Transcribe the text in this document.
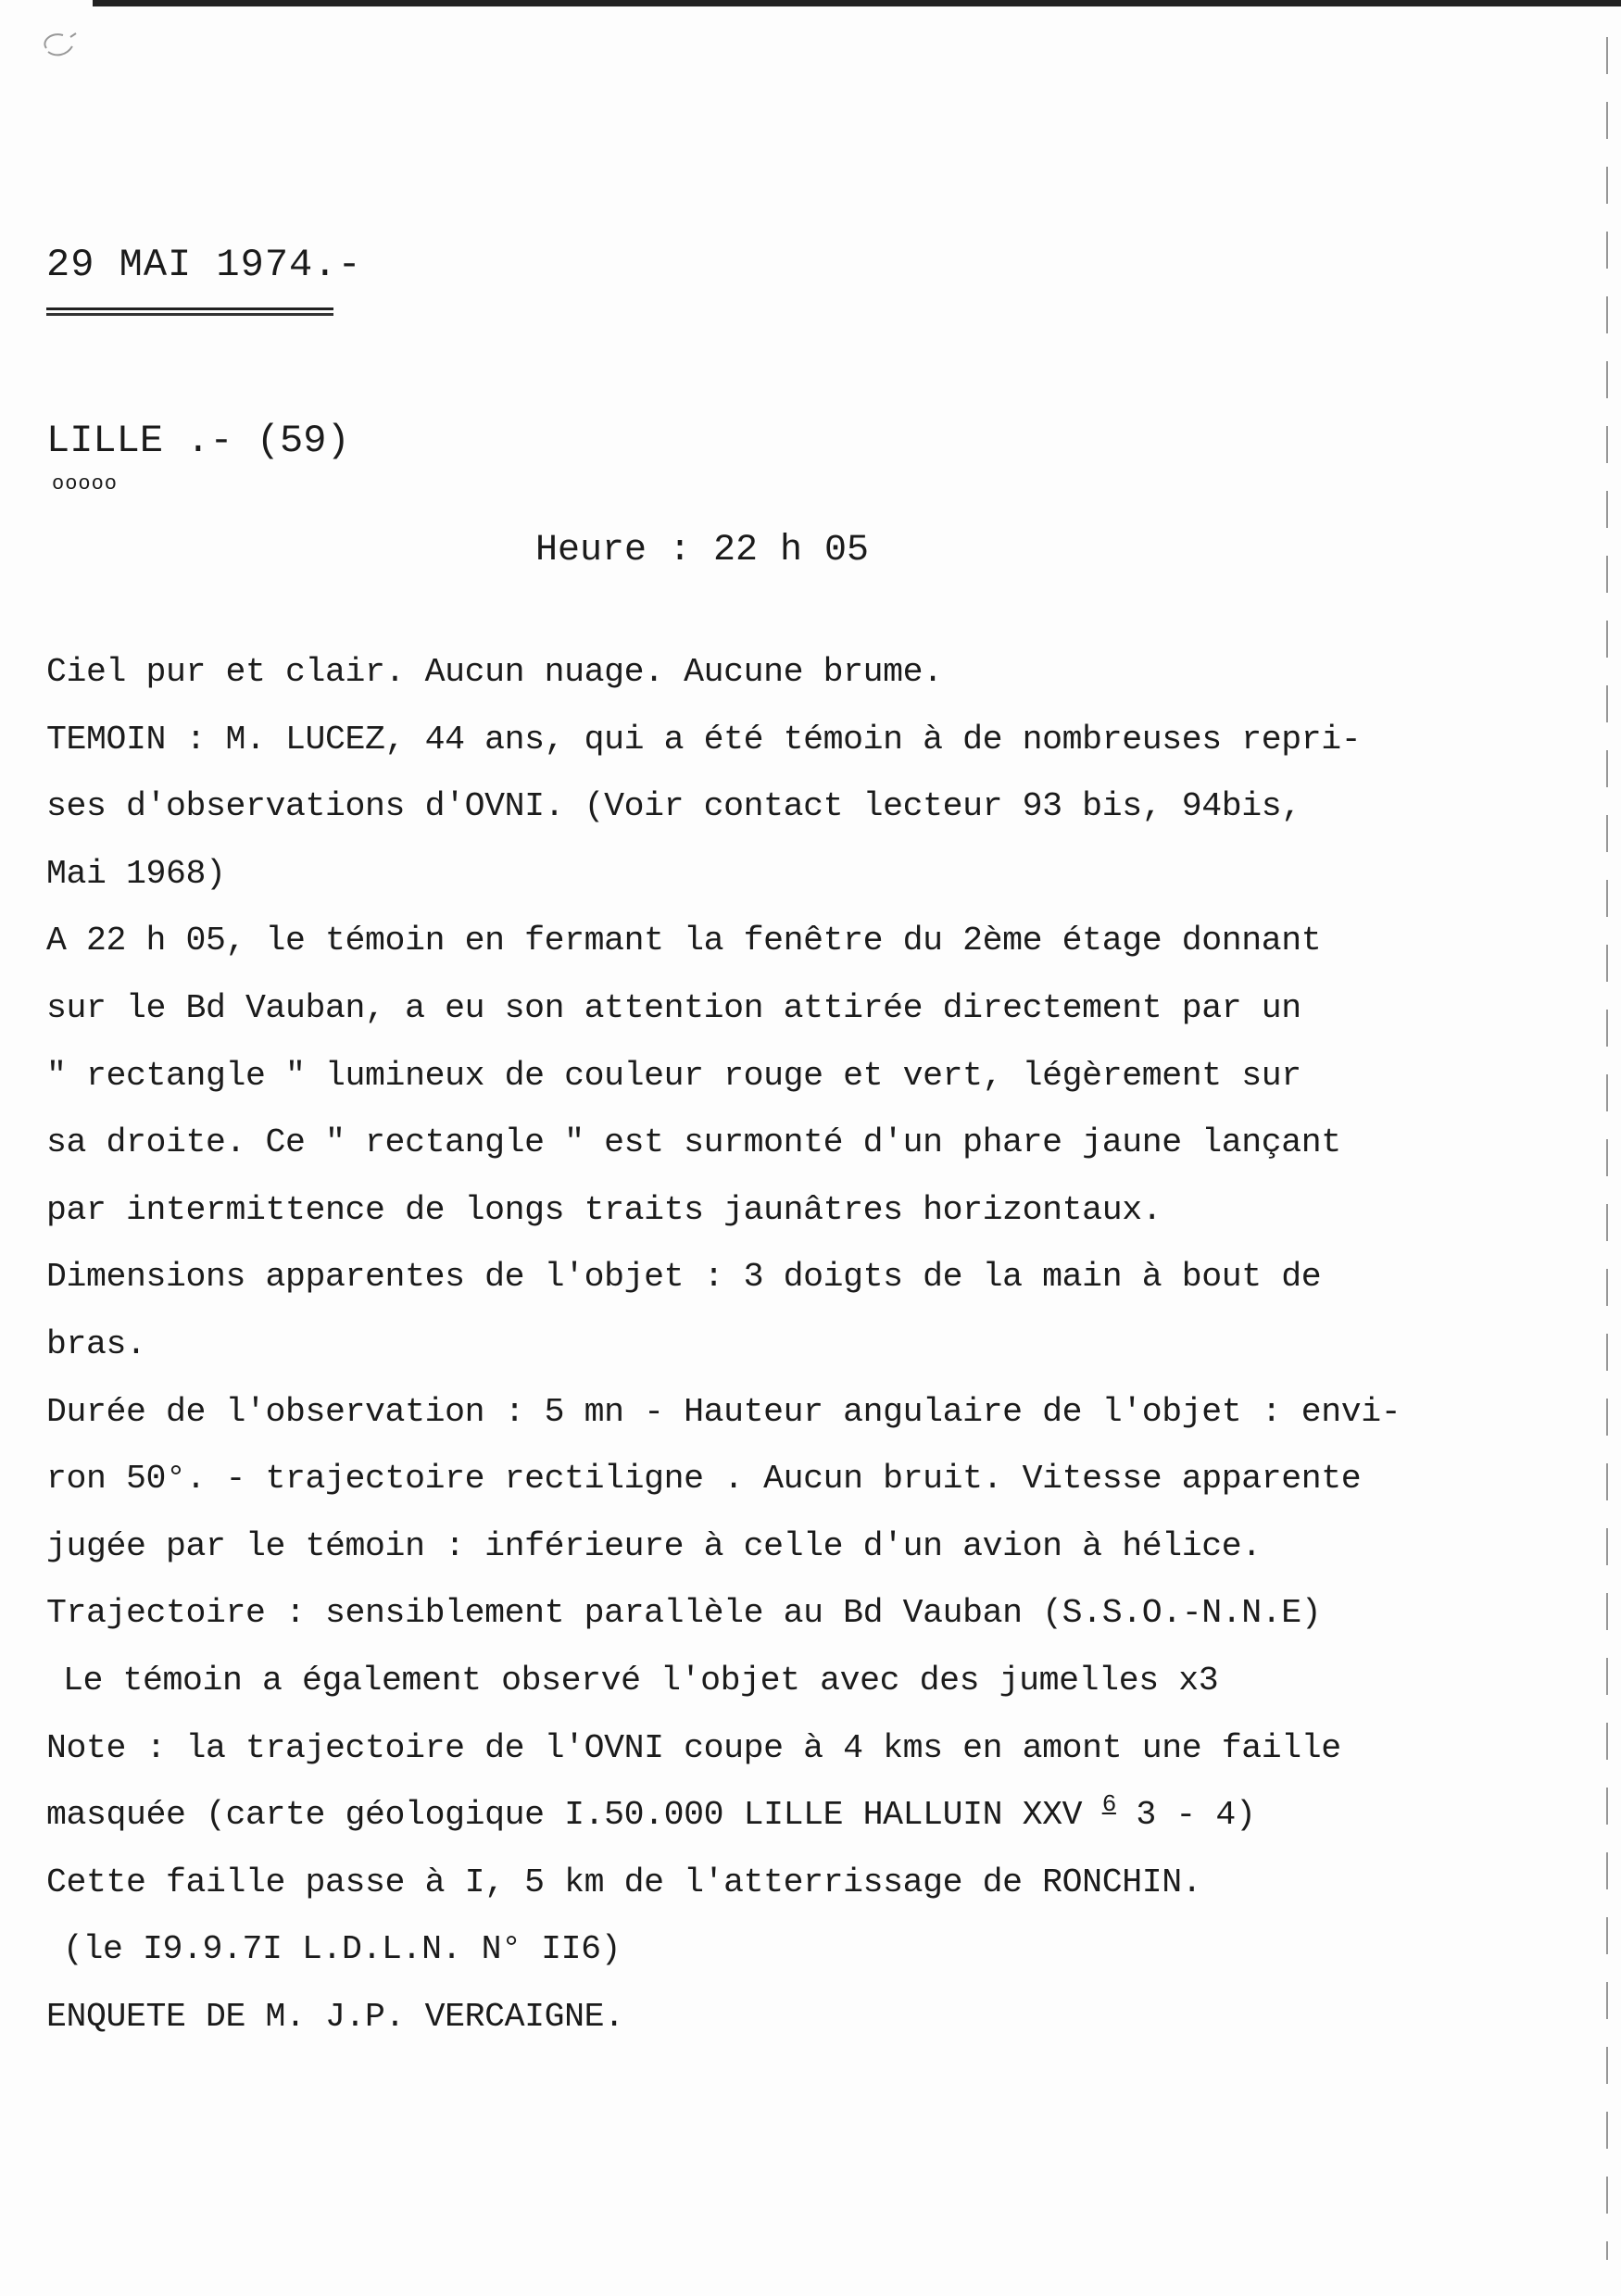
29 MAI 1974.-
LILLE .- (59)
ooooo
Heure : 22 h 05
Ciel pur et clair. Aucun nuage. Aucune brume.
TEMOIN : M. LUCEZ, 44 ans, qui a été témoin à de nombreuses repri-
ses d'observations d'OVNI. (Voir contact lecteur 93 bis, 94bis,
Mai 1968)
A 22 h 05, le témoin en fermant la fenêtre du 2ème étage donnant
sur le Bd Vauban, a eu son attention attirée directement par un
" rectangle " lumineux de couleur rouge et vert, légèrement sur
sa droite. Ce " rectangle " est surmonté d'un phare jaune lançant
par intermittence de longs traits jaunâtres horizontaux.
Dimensions apparentes de l'objet : 3 doigts de la main à bout de
bras.
Durée de l'observation : 5 mn - Hauteur angulaire de l'objet : envi-
ron 50°. - trajectoire rectiligne . Aucun bruit. Vitesse apparente
jugée par le témoin : inférieure à celle d'un avion à hélice.
Trajectoire : sensiblement parallèle au Bd Vauban (S.S.O.-N.N.E)
Le témoin a également observé l'objet avec des jumelles x3
Note : la trajectoire de l'OVNI coupe à 4 kms en amont une faille
masquée (carte géologique I.50.000 LILLE HALLUIN XXV 6 3 - 4)
Cette faille passe à I, 5 km de l'atterrissage de RONCHIN.
(le I9.9.7I L.D.L.N. N° II6)
ENQUETE DE M. J.P. VERCAIGNE.
